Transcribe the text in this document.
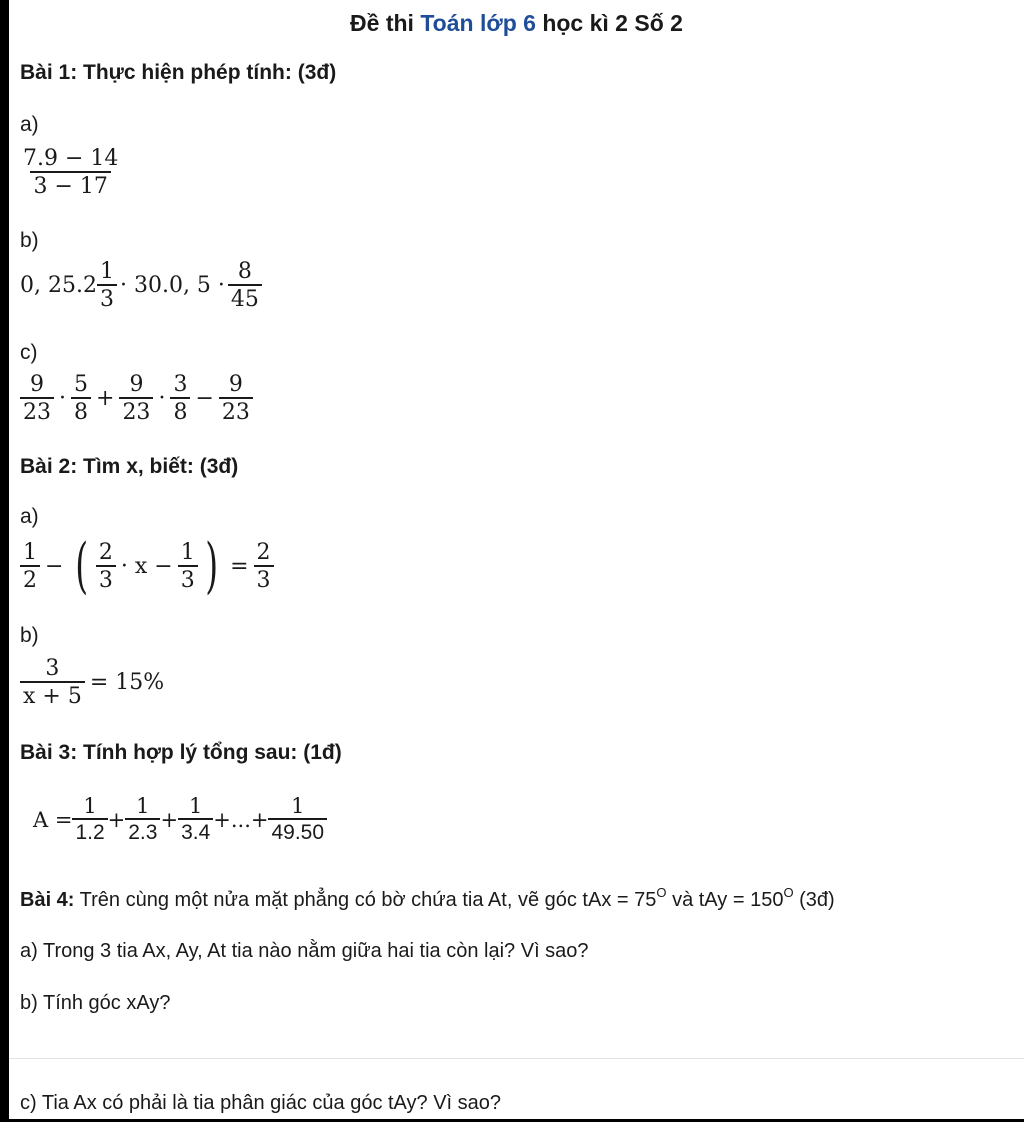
Đề thi Toán lớp 6 học kì 2 Số 2
Bài 1: Thực hiện phép tính: (3đ)
a)
$\frac{7.9 - 14}{3 - 17}$
b)
0, $25.2 \frac{1}{3} \cdot 30.0$, $5 \cdot \frac{8}{45}$
c)
$\frac{9}{23} \cdot \frac{5}{8} + \frac{9}{23} \cdot \frac{3}{8} - \frac{9}{23}$
Bài 2: Tìm x, biết: (3đ)
a)
$\frac{1}{2}$ − ( $\frac{2}{3} \cdot x - \frac{1}{3}$ ) = $\frac{2}{3}$
b)
$\frac{3}{x + 5} = 15\%$
Bài 3: Tính hợp lý tổng sau: (1đ)
$A = \frac{1}{1.2} + \frac{1}{2.3} + \frac{1}{3.4}$ +...+ $\frac{1}{49.50}$
Bài 4: Trên cùng một nửa mặt phẳng có bờ chứa tia At, vẽ góc tAx = $75^O$ và tAy = $150^O$ (3đ)
a) Trong 3 tia Ax, Ay, At tia nào nằm giữa hai tia còn lại? Vì sao?
b) Tính góc xAy?
c) Tia Ax có phải là tia phân giác của góc tAy? Vì sao?
